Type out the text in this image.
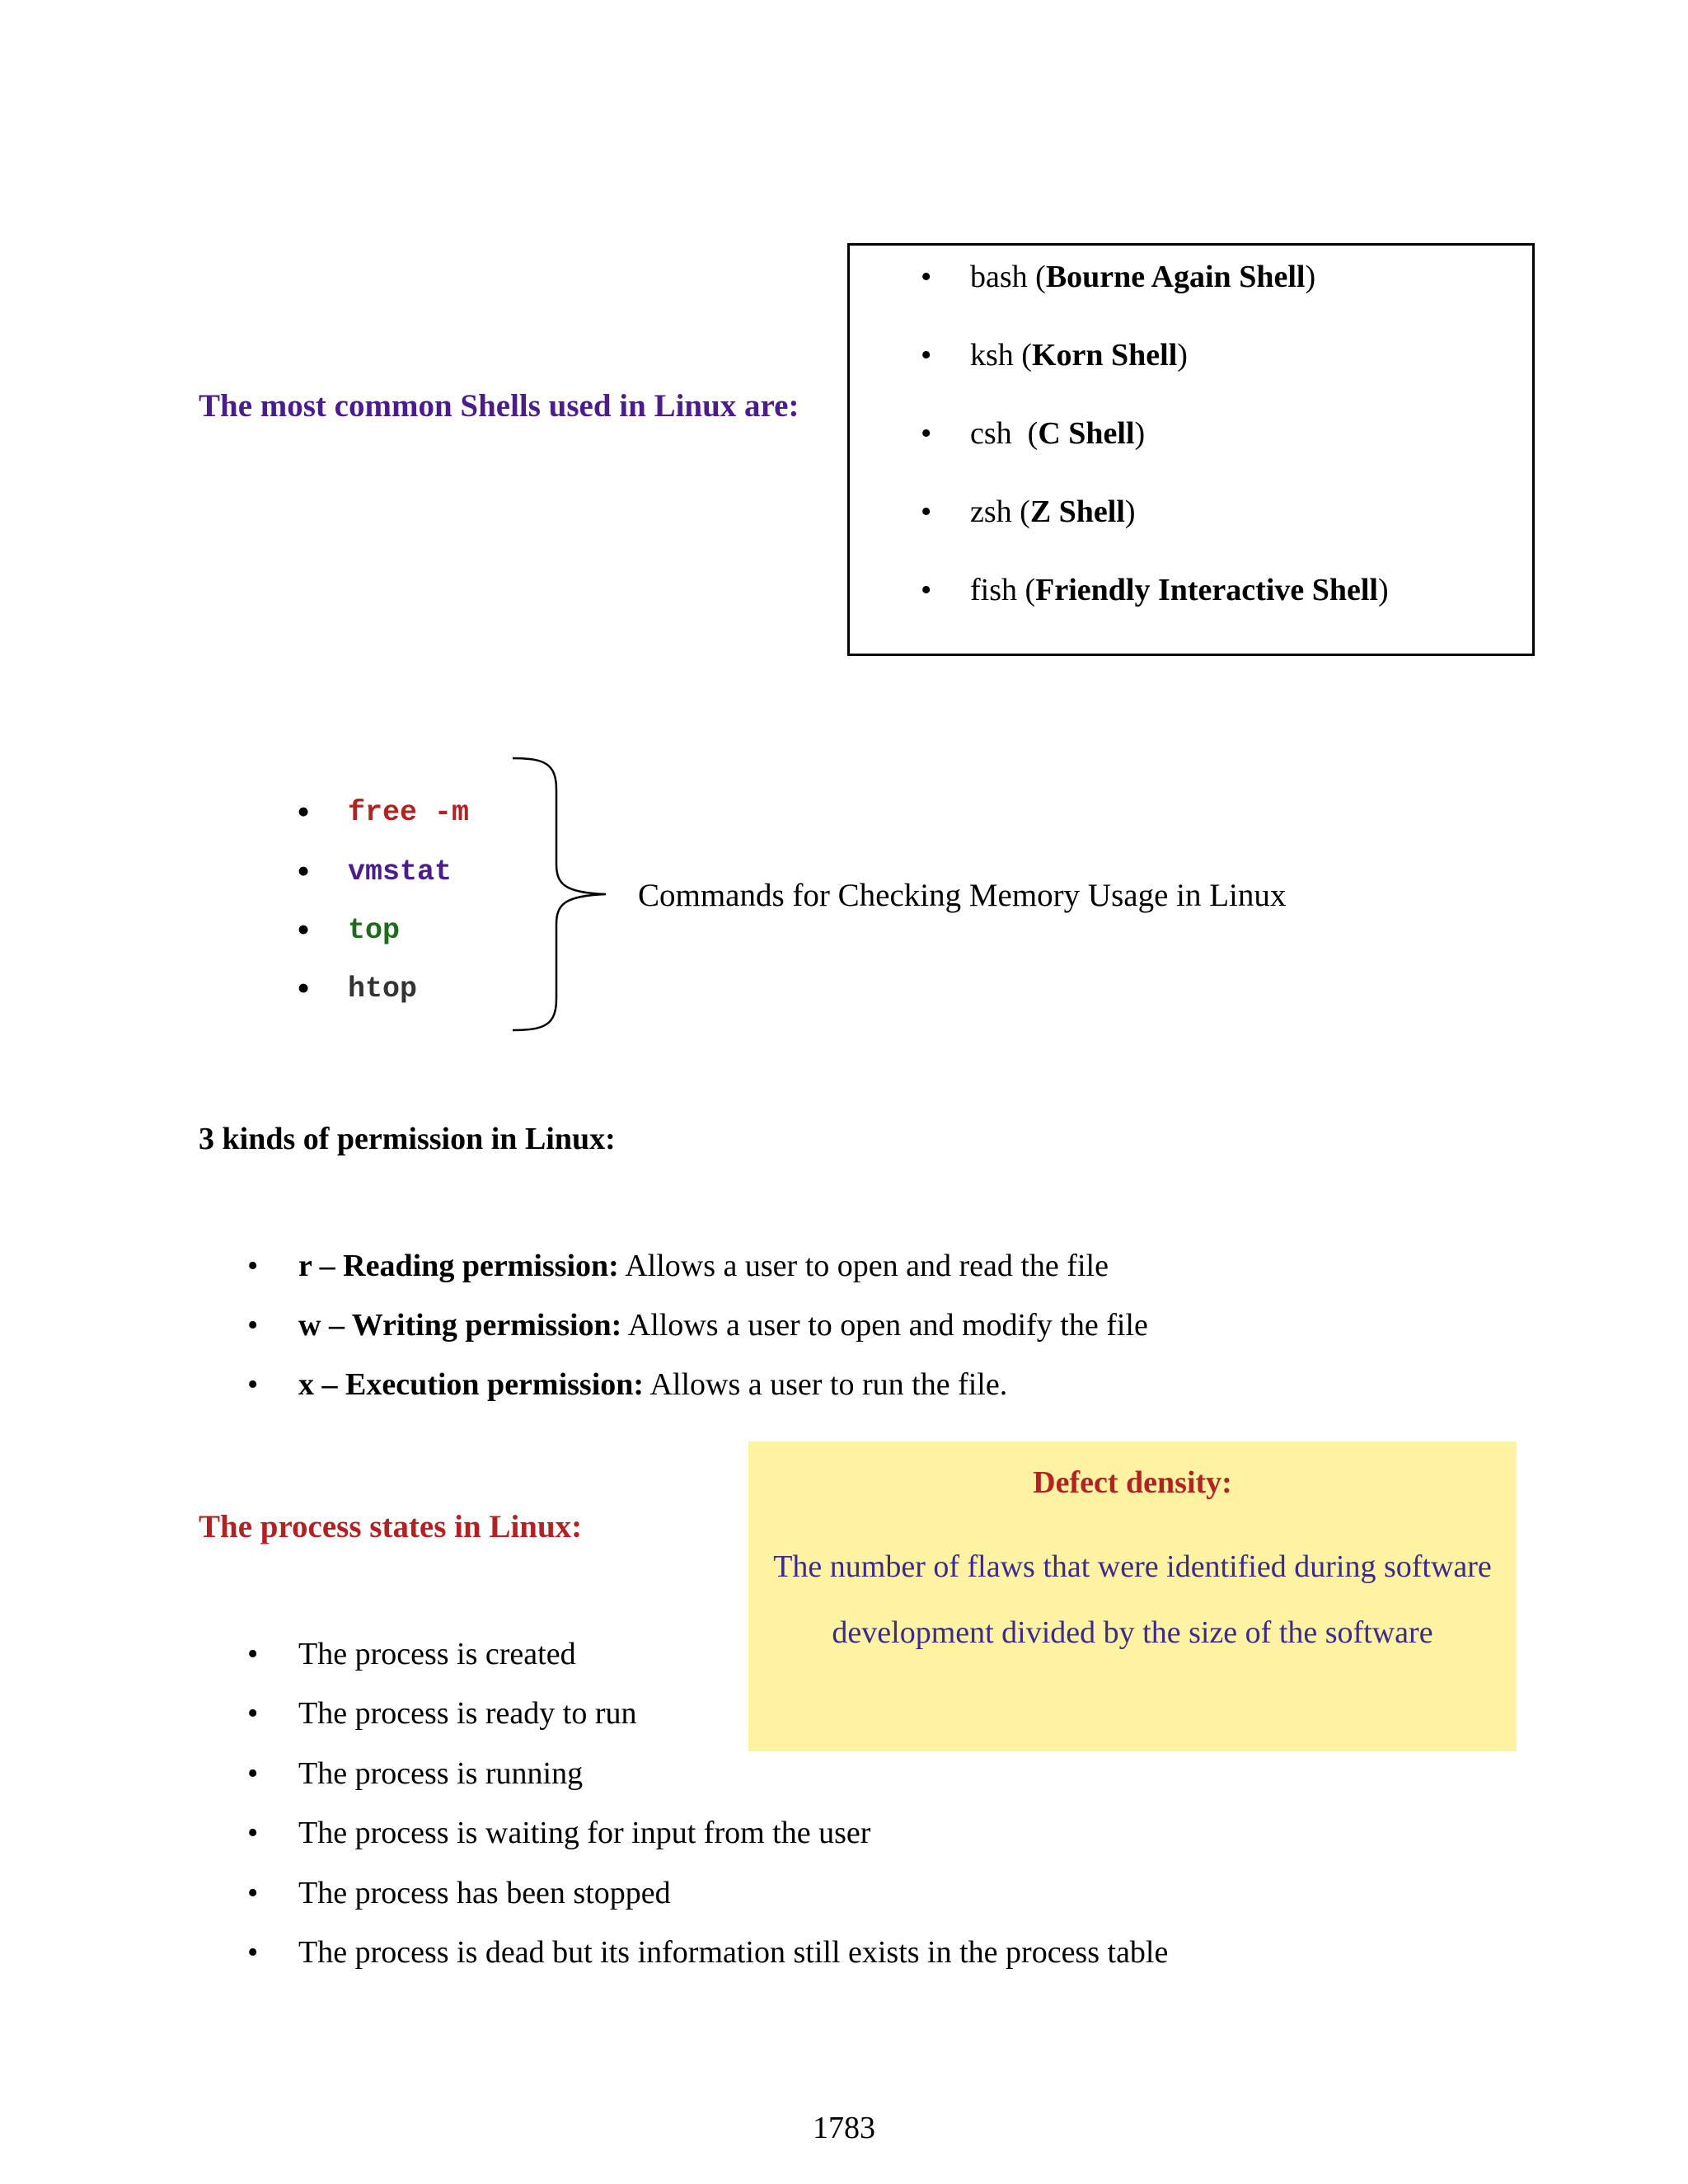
The most common Shells used in Linux are:
• bash (Bourne Again Shell)
• ksh (Korn Shell)
• csh  (C Shell)
• zsh (Z Shell)
• fish (Friendly Interactive Shell)
• free -m
• vmstat
• top
• htop
Commands for Checking Memory Usage in Linux
3 kinds of permission in Linux:
• r – Reading permission: Allows a user to open and read the file
• w – Writing permission: Allows a user to open and modify the file
• x – Execution permission: Allows a user to run the file.
Defect density:
The number of flaws that were identified during software
development divided by the size of the software
The process states in Linux:
• The process is created
• The process is ready to run
• The process is running
• The process is waiting for input from the user
• The process has been stopped
• The process is dead but its information still exists in the process table
1783
